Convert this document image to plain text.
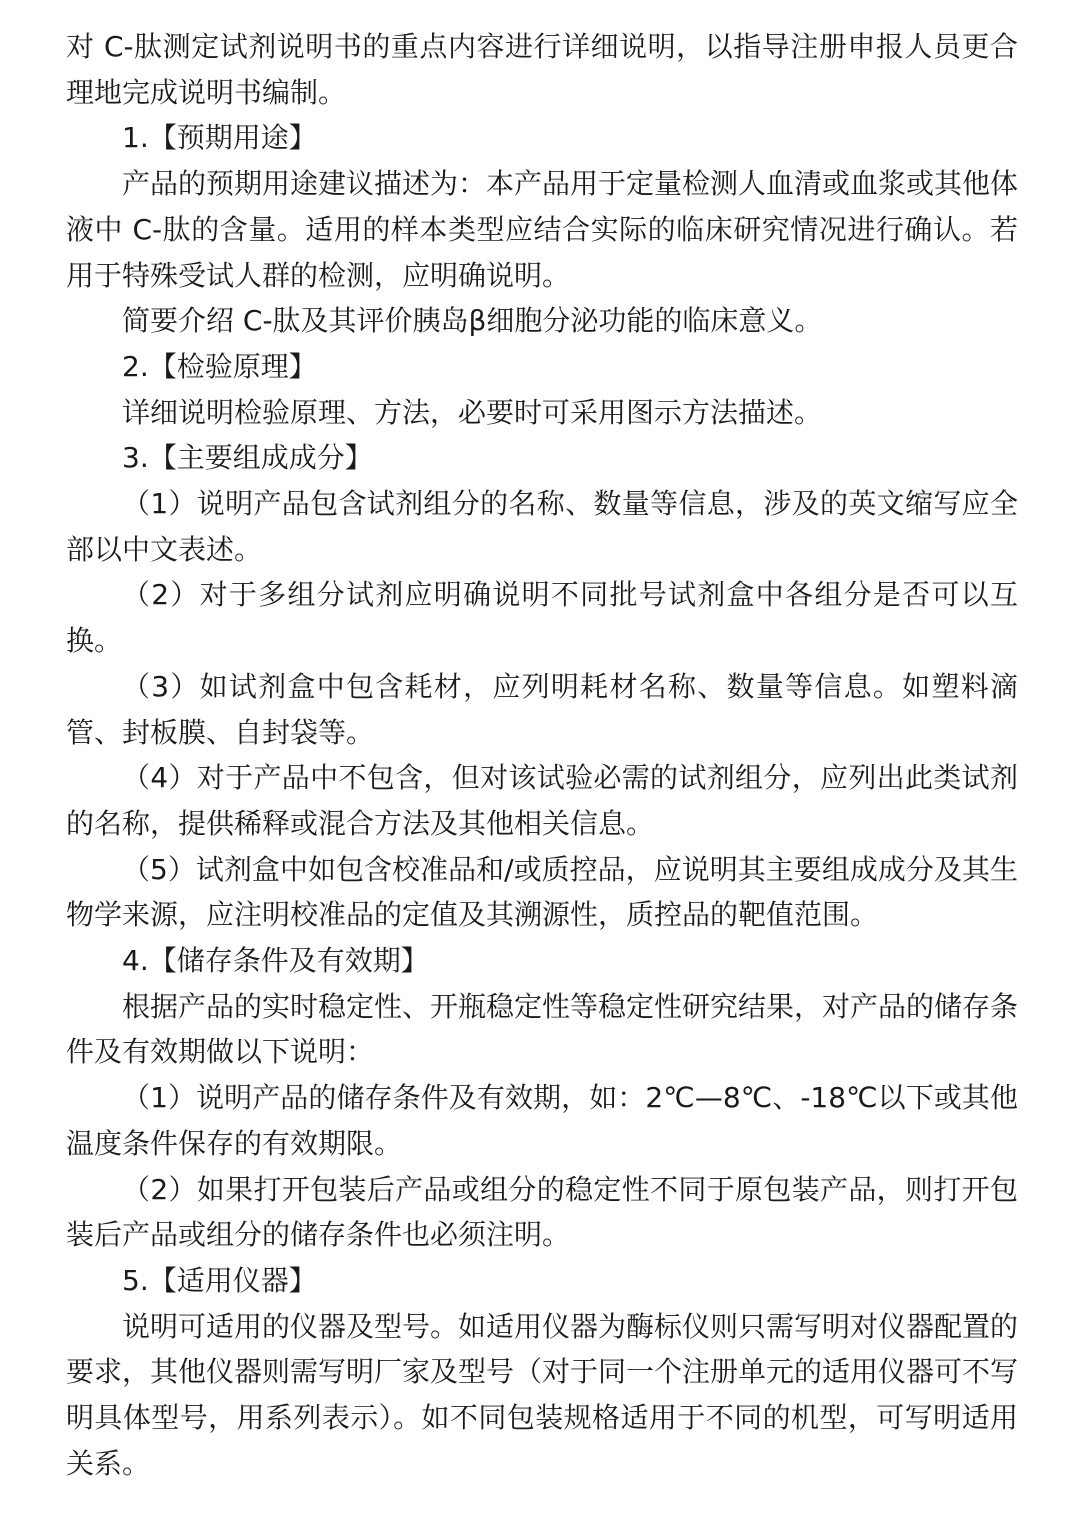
对 C-肽测定试剂说明书的重点内容进行详细说明，以指导注册申报人员更合理地完成说明书编制。

1.【预期用途】

产品的预期用途建议描述为：本产品用于定量检测人血清或血浆或其他体液中 C-肽的含量。适用的样本类型应结合实际的临床研究情况进行确认。若用于特殊受试人群的检测，应明确说明。

简要介绍 C-肽及其评价胰岛β细胞分泌功能的临床意义。

2.【检验原理】

详细说明检验原理、方法，必要时可采用图示方法描述。

3.【主要组成成分】

（1）说明产品包含试剂组分的名称、数量等信息，涉及的英文缩写应全部以中文表述。

（2）对于多组分试剂应明确说明不同批号试剂盒中各组分是否可以互换。

（3）如试剂盒中包含耗材，应列明耗材名称、数量等信息。如塑料滴管、封板膜、自封袋等。

（4）对于产品中不包含，但对该试验必需的试剂组分，应列出此类试剂的名称，提供稀释或混合方法及其他相关信息。

（5）试剂盒中如包含校准品和/或质控品，应说明其主要组成成分及其生物学来源，应注明校准品的定值及其溯源性，质控品的靶值范围。

4.【储存条件及有效期】

根据产品的实时稳定性、开瓶稳定性等稳定性研究结果，对产品的储存条件及有效期做以下说明：

（1）说明产品的储存条件及有效期，如：2℃—8℃、-18℃以下或其他温度条件保存的有效期限。

（2）如果打开包装后产品或组分的稳定性不同于原包装产品，则打开包装后产品或组分的储存条件也必须注明。

5.【适用仪器】

说明可适用的仪器及型号。如适用仪器为酶标仪则只需写明对仪器配置的要求，其他仪器则需写明厂家及型号（对于同一个注册单元的适用仪器可不写明具体型号，用系列表示）。如不同包装规格适用于不同的机型，可写明适用关系。
